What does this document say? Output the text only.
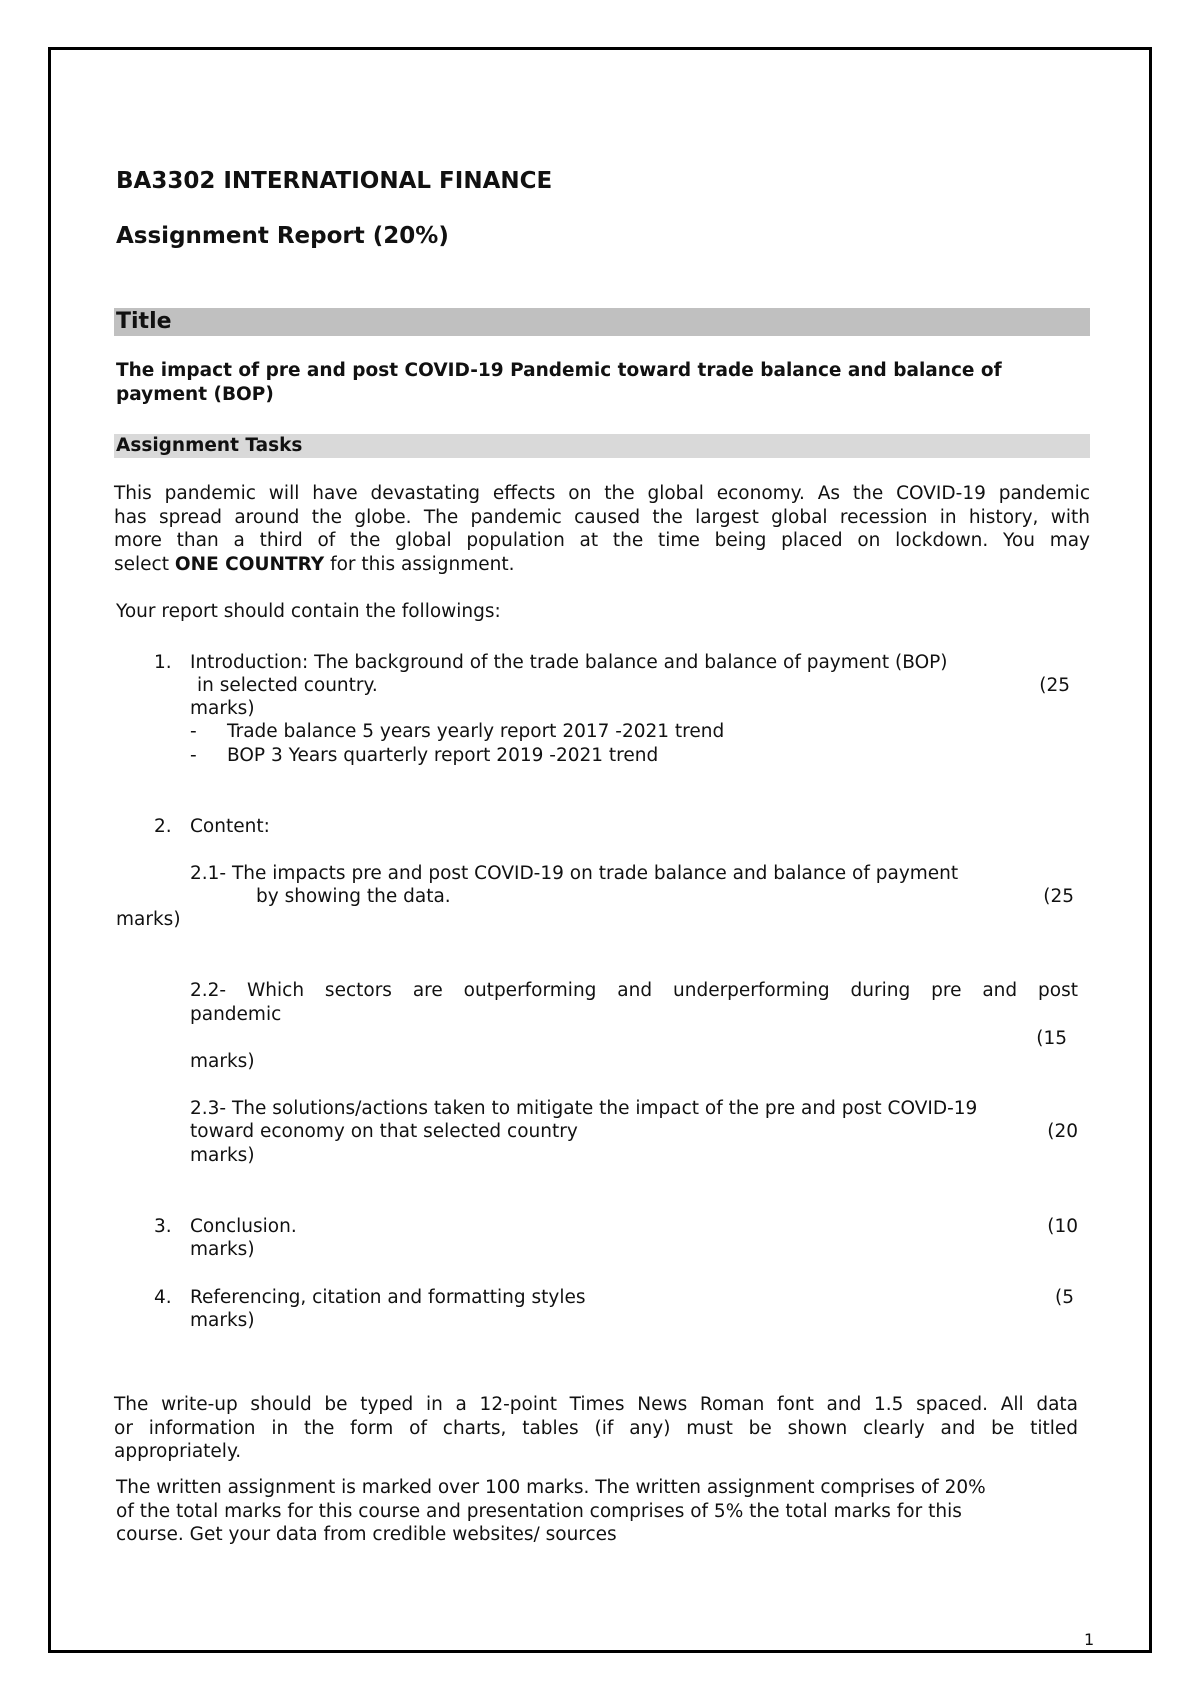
BA3302 INTERNATIONAL FINANCE
Assignment Report (20%)
Title
The impact of pre and post COVID-19 Pandemic toward trade balance and balance of
payment (BOP)
Assignment Tasks
This pandemic will have devastating effects on the global economy. As the COVID-19 pandemic
has spread around the globe. The pandemic caused the largest global recession in history, with
more than a third of the global population at the time being placed on lockdown. You may
select ONE COUNTRY for this assignment.
Your report should contain the followings:
1. Introduction: The background of the trade balance and balance of payment (BOP)
in selected country.	(25
marks)
- Trade balance 5 years yearly report 2017 -2021 trend
- BOP 3 Years quarterly report 2019 -2021 trend
2. Content:
2.1- The impacts pre and post COVID-19 on trade balance and balance of payment
by showing the data.	(25
marks)
2.2- Which sectors are outperforming and underperforming during pre and post
pandemic
(15
marks)
2.3- The solutions/actions taken to mitigate the impact of the pre and post COVID-19
toward economy on that selected country	(20
marks)
3. Conclusion.	(10
marks)
4. Referencing, citation and formatting styles	(5
marks)
The write-up should be typed in a 12-point Times News Roman font and 1.5 spaced. All data
or information in the form of charts, tables (if any) must be shown clearly and be titled
appropriately.
The written assignment is marked over 100 marks. The written assignment comprises of 20%
of the total marks for this course and presentation comprises of 5% the total marks for this
course. Get your data from credible websites/ sources
1
